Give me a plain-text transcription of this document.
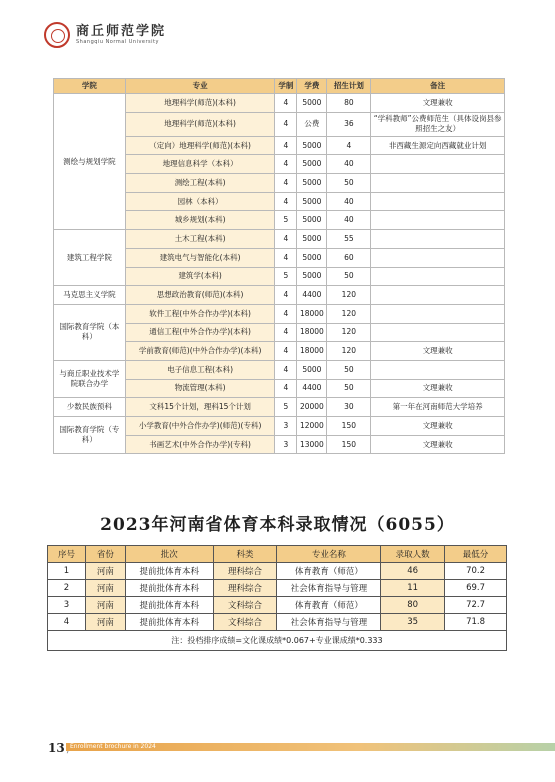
商丘师范学院
Shangqiu Normal University
学院	专业	学制	学费	招生计划	备注
测绘与规划学院	地理科学(师范)(本科)	4	5000	80	文理兼收
	地理科学(师范)(本科)	4	公费	36	“学科教师”公费师范生（具体设岗县参照招生之友）
	（定向）地理科学(师范)(本科)	4	5000	4	非西藏生源定向西藏就业计划
	地理信息科学（本科）	4	5000	40	
	测绘工程(本科)	4	5000	50	
	园林（本科）	4	5000	40	
	城乡规划(本科)	5	5000	40	
建筑工程学院	土木工程(本科)	4	5000	55	
	建筑电气与智能化(本科)	4	5000	60	
	建筑学(本科)	5	5000	50	
马克思主义学院	思想政治教育(师范)(本科)	4	4400	120	
国际教育学院（本科）	软件工程(中外合作办学)(本科)	4	18000	120	
	通信工程(中外合作办学)(本科)	4	18000	120	
	学前教育(师范)(中外合作办学)(本科)	4	18000	120	文理兼收
与商丘职业技术学院联合办学	电子信息工程(本科)	4	5000	50	
	物流管理(本科)	4	4400	50	文理兼收
少数民族预科	文科15个计划，理科15个计划	5	20000	30	第一年在河南师范大学培养
国际教育学院（专科）	小学教育(中外合作办学)(师范)(专科)	3	12000	150	文理兼收
	书画艺术(中外合作办学)(专科)	3	13000	150	文理兼收
2023年河南省体育本科录取情况（6055）
序号	省份	批次	科类	专业名称	录取人数	最低分
1	河南	提前批体育本科	理科综合	体育教育（师范）	46	70.2
2	河南	提前批体育本科	理科综合	社会体育指导与管理	11	69.7
3	河南	提前批体育本科	文科综合	体育教育（师范）	80	72.7
4	河南	提前批体育本科	文科综合	社会体育指导与管理	35	71.8
注：投档排序成绩=文化课成绩*0.067+专业课成绩*0.333						
13 Enrollment brochure in 2024
